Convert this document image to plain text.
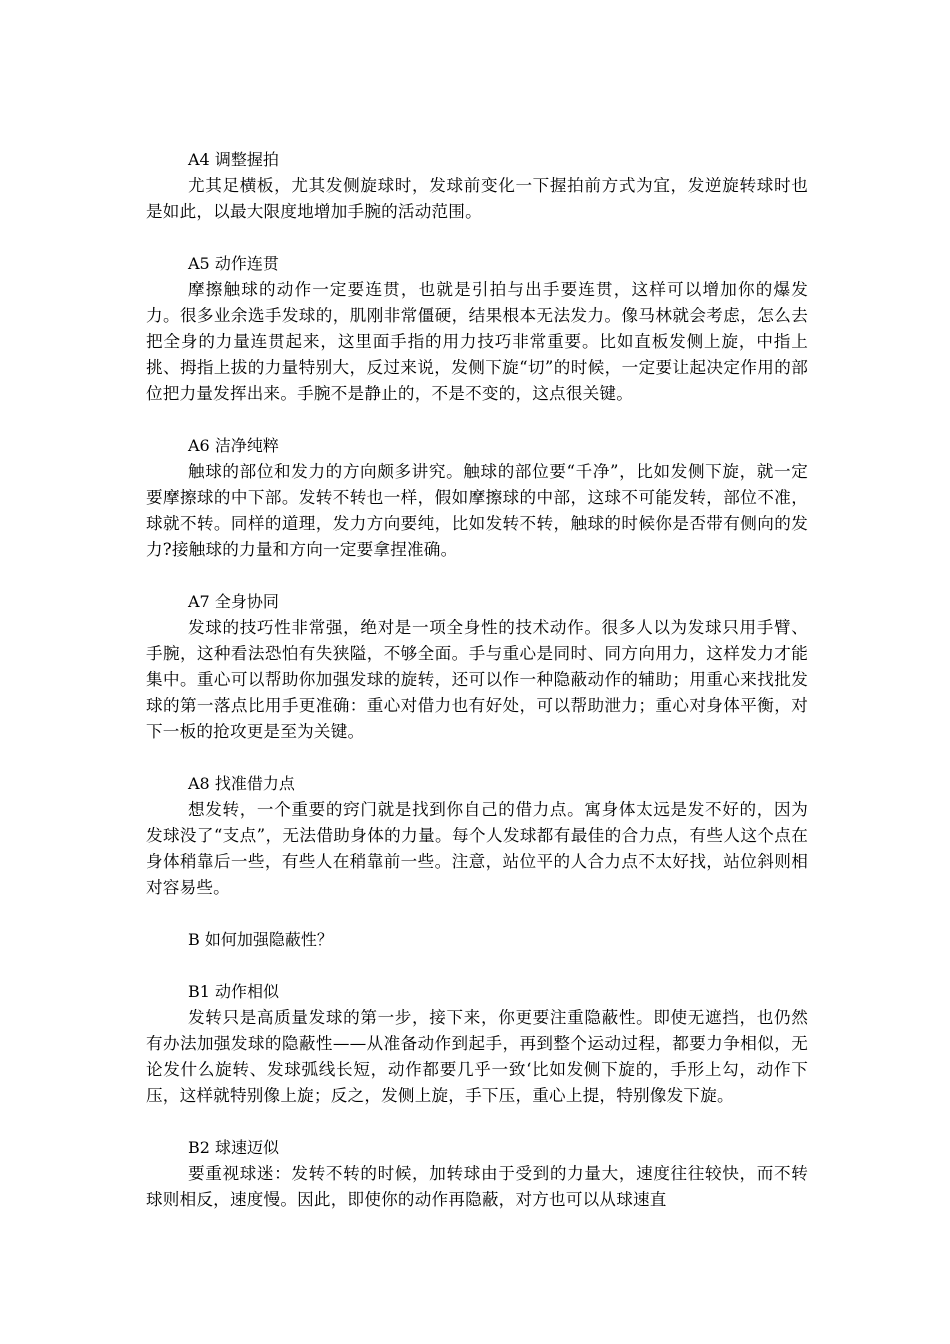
A4 调整握拍
尤其足横板，尤其发侧旋球时，发球前变化一下握拍前方式为宜，发逆旋转球时也是如此，以最大限度地增加手腕的活动范围。
A5 动作连贯
摩擦触球的动作一定要连贯，也就是引拍与出手要连贯，这样可以增加你的爆发力。很多业余选手发球的，肌刚非常僵硬，结果根本无法发力。像马林就会考虑，怎么去把全身的力量连贯起来，这里面手指的用力技巧非常重要。比如直板发侧上旋，中指上挑、拇指上拔的力量特别大，反过来说，发侧下旋“切”的时候，一定要让起决定作用的部位把力量发挥出来。手腕不是静止的，不是不变的，这点很关键。
A6 洁净纯粹
触球的部位和发力的方向颇多讲究。触球的部位要“千净”，比如发侧下旋，就一定要摩擦球的中下部。发转不转也一样，假如摩擦球的中部，这球不可能发转，部位不准，球就不转。同样的道理，发力方向要纯，比如发转不转，触球的时候你是否带有侧向的发力?接触球的力量和方向一定要拿捏准确。
A7 全身协同
发球的技巧性非常强，绝对是一项全身性的技术动作。很多人以为发球只用手臂、手腕，这种看法恐怕有失狭隘，不够全面。手与重心是同时、同方向用力，这样发力才能集中。重心可以帮助你加强发球的旋转，还可以作一种隐蔽动作的辅助；用重心来找批发球的第一落点比用手更准确：重心对借力也有好处，可以帮助泄力；重心对身体平衡，对下一板的抢攻更是至为关键。
A8 找准借力点
想发转，一个重要的窍门就是找到你自己的借力点。寓身体太远是发不好的，因为发球没了“支点”，无法借助身体的力量。每个人发球都有最佳的合力点，有些人这个点在身体稍靠后一些，有些人在稍靠前一些。注意，站位平的人合力点不太好找，站位斜则相对容易些。
B 如何加强隐蔽性？
B1 动作相似
发转只是高质量发球的第一步，接下来，你更要注重隐蔽性。即使无遮挡，也仍然有办法加强发球的隐蔽性——从准备动作到起手，再到整个运动过程，都要力争相似，无论发什么旋转、发球弧线长短，动作都要几乎一致‘比如发侧下旋的，手形上勾，动作下压，这样就特别像上旋；反之，发侧上旋，手下压，重心上提，特别像发下旋。
B2 球速迈似
要重视球迷：发转不转的时候，加转球由于受到的力量大，速度往往较快，而不转球则相反，速度慢。因此，即使你的动作再隐蔽，对方也可以从球速直
